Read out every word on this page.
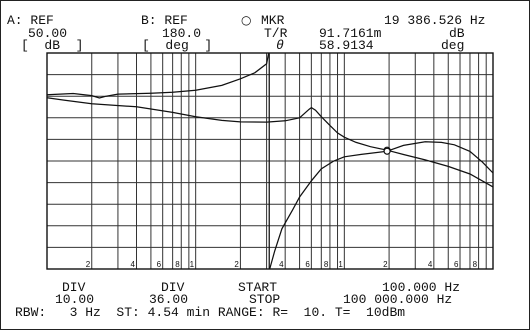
A: REF
50.00
[  dB  ]
B: REF
180.0
[  deg  ]
○ MKR	19 386.526 Hz
T/R 91.7161m	dB
θ	58.9134	deg
2	4	6 8 1	2	4	6 8 1	2	4	6 8
DIV
10.00
DIV
36.00
START
STOP
100.000 Hz
100 000.000 Hz
RBW:   3 Hz  ST: 4.54 min RANGE: R=  10. T=  10dBm
